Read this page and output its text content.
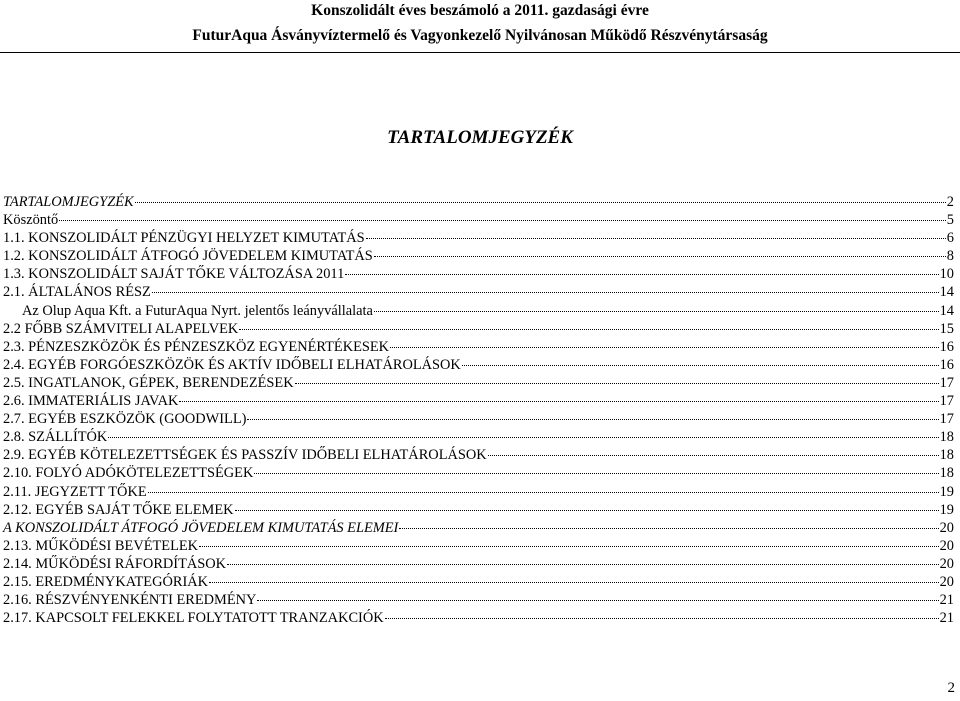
Konszolidált éves beszámoló a 2011. gazdasági évre
FuturAqua Ásványvíztermelő és Vagyonkezelő Nyilvánosan Működő Részvénytársaság
TARTALOMJEGYZÉK
TARTALOMJEGYZÉK	2
Köszöntő	5
1.1. KONSZOLIDÁLT PÉNZÜGYI HELYZET KIMUTATÁS	6
1.2. KONSZOLIDÁLT ÁTFOGÓ JÖVEDELEM KIMUTATÁS	8
1.3. KONSZOLIDÁLT SAJÁT TŐKE VÁLTOZÁSA 2011	10
2.1. ÁLTALÁNOS RÉSZ	14
Az Olup Aqua Kft. a FuturAqua Nyrt. jelentős leányvállalata	14
2.2 FŐBB SZÁMVITELI ALAPELVEK	15
2.3. PÉNZESZKÖZÖK ÉS PÉNZESZKÖZ EGYENÉRTÉKESEK	16
2.4. EGYÉB FORGÓESZKÖZÖK ÉS AKTÍV IDŐBELI ELHATÁROLÁSOK	16
2.5. INGATLANOK, GÉPEK, BERENDEZÉSEK	17
2.6. IMMATERIÁLIS JAVAK	17
2.7. EGYÉB ESZKÖZÖK (GOODWILL)	17
2.8. SZÁLLÍTÓK	18
2.9. EGYÉB KÖTELEZETTSÉGEK ÉS PASSZÍV IDŐBELI ELHATÁROLÁSOK	18
2.10. FOLYÓ ADÓKÖTELEZETTSÉGEK	18
2.11. JEGYZETT TŐKE	19
2.12. EGYÉB SAJÁT TŐKE ELEMEK	19
A KONSZOLIDÁLT ÁTFOGÓ JÖVEDELEM KIMUTATÁS ELEMEI	20
2.13. MŰKÖDÉSI BEVÉTELEK	20
2.14. MŰKÖDÉSI RÁFORDÍTÁSOK	20
2.15. EREDMÉNYKATEGÓRIÁK	20
2.16. RÉSZVÉNYENKÉNTI EREDMÉNY	21
2.17. KAPCSOLT FELEKKEL FOLYTATOTT TRANZAKCIÓK	21
2
